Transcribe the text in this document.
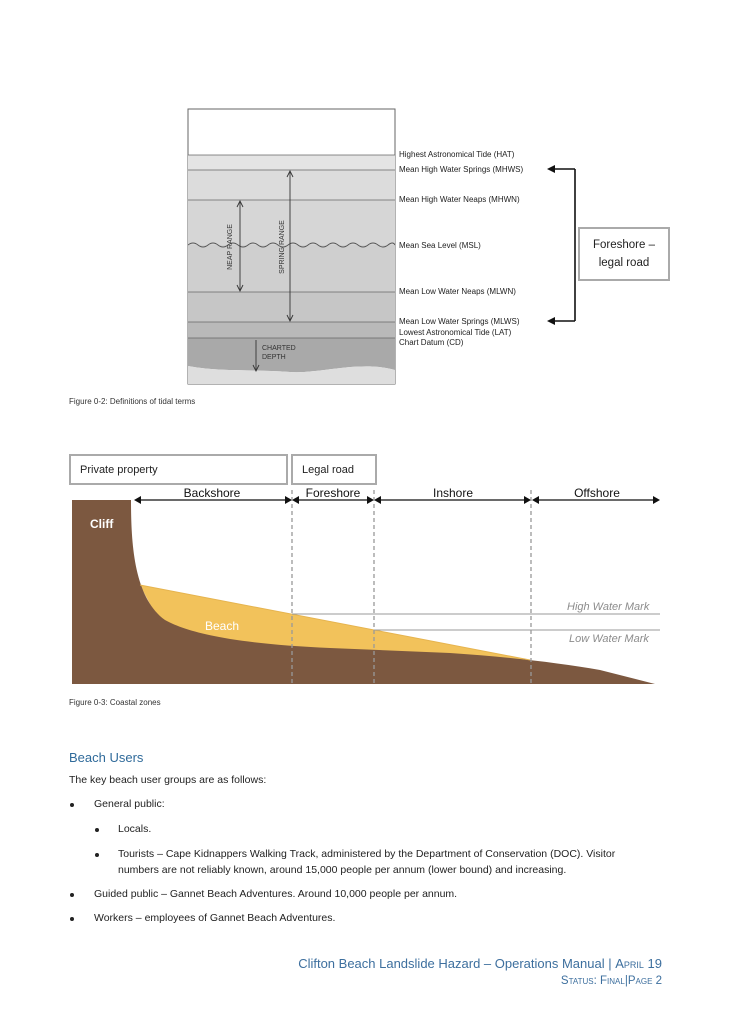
NEAP RANGE	SPRING RANGE
CHARTED
DEPTH
Highest Astronomical Tide (HAT)
Mean High Water Springs (MHWS)
Mean High Water Neaps (MHWN)
Mean Sea Level (MSL)
Mean Low Water Neaps (MLWN)
Mean Low Water Springs (MLWS)
Lowest Astronomical Tide (LAT)
Chart Datum (CD)
Foreshore –
legal road
Figure 0-2: Definitions of tidal terms
Private property	Legal road
Backshore	Foreshore	Inshore	Offshore
High Water Mark
Low Water Mark
Cliff
Beach
Figure 0-3: Coastal zones
Beach Users
The key beach user groups are as follows:
General public:
Locals.
Tourists – Cape Kidnappers Walking Track, administered by the Department of Conservation (DOC). Visitor
numbers are not reliably known, around 15,000 people per annum (lower bound) and increasing.
Guided public – Gannet Beach Adventures. Around 10,000 people per annum.
Workers – employees of Gannet Beach Adventures.
Clifton Beach Landslide Hazard – Operations Manual | April 19
Status: Final|Page 2
